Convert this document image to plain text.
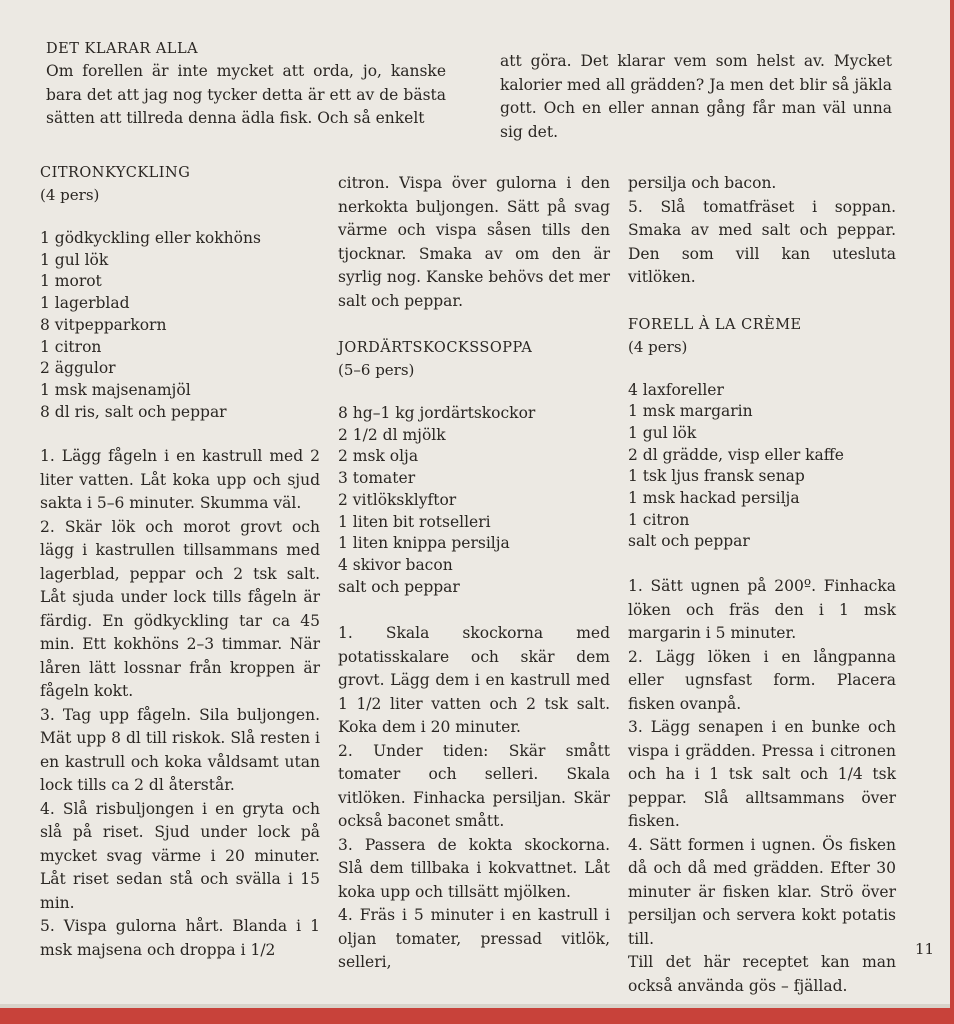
DET KLARAR ALLA

Om forellen är inte mycket att orda, jo, kanske bara det att jag nog tycker detta är ett av de bästa sätten att tillreda denna ädla fisk. Och så enkelt

att göra. Det klarar vem som helst av. Mycket kalorier med all grädden? Ja men det blir så jäkla gott. Och en eller annan gång får man väl unna sig det.

CITRONKYCKLING

(4 pers)

1 gödkyckling eller kokhöns
1 gul lök
1 morot
1 lagerblad
8 vitpepparkorn
1 citron
2 äggulor
1 msk majsenamjöl
8 dl ris, salt och peppar

1. Lägg fågeln i en kastrull med 2 liter vatten. Låt koka upp och sjud sakta i 5–6 minuter. Skumma väl.

2. Skär lök och morot grovt och lägg i kastrullen tillsammans med lagerblad, peppar och 2 tsk salt. Låt sjuda under lock tills fågeln är färdig. En gödkyckling tar ca 45 min. Ett kokhöns 2–3 timmar. När låren lätt lossnar från kroppen är fågeln kokt.

3. Tag upp fågeln. Sila buljongen. Mät upp 8 dl till riskok. Slå resten i en kastrull och koka våldsamt utan lock tills ca 2 dl återstår.

4. Slå risbuljongen i en gryta och slå på riset. Sjud under lock på mycket svag värme i 20 minuter. Låt riset sedan stå och svälla i 15 min.

5. Vispa gulorna hårt. Blanda i 1 msk majsena och droppa i 1/2

citron. Vispa över gulorna i den nerkokta buljongen. Sätt på svag värme och vispa såsen tills den tjocknar. Smaka av om den är syrlig nog. Kanske behövs det mer salt och peppar.

JORDÄRTSKOCKSSOPPA

(5–6 pers)

8 hg–1 kg jordärtskockor
2 1/2 dl mjölk
2 msk olja
3 tomater
2 vitlöksklyftor
1 liten bit rotselleri
1 liten knippa persilja
4 skivor bacon
salt och peppar

1. Skala skockorna med potatisskalare och skär dem grovt. Lägg dem i en kastrull med 1 1/2 liter vatten och 2 tsk salt. Koka dem i 20 minuter.

2. Under tiden: Skär smått tomater och selleri. Skala vitlöken. Finhacka persiljan. Skär också baconet smått.

3. Passera de kokta skockorna. Slå dem tillbaka i kokvattnet. Låt koka upp och tillsätt mjölken.

4. Fräs i 5 minuter i en kastrull i oljan tomater, pressad vitlök, selleri,

persilja och bacon.

5. Slå tomatfräset i soppan. Smaka av med salt och peppar. Den som vill kan utesluta vitlöken.

FORELL À LA CRÈME

(4 pers)

4 laxforeller
1 msk margarin
1 gul lök
2 dl grädde, visp eller kaffe
1 tsk ljus fransk senap
1 msk hackad persilja
1 citron
salt och peppar

1. Sätt ugnen på 200º. Finhacka löken och fräs den i 1 msk margarin i 5 minuter.

2. Lägg löken i en långpanna eller ugnsfast form. Placera fisken ovanpå.

3. Lägg senapen i en bunke och vispa i grädden. Pressa i citronen och ha i 1 tsk salt och 1/4 tsk peppar. Slå alltsammans över fisken.

4. Sätt formen i ugnen. Ös fisken då och då med grädden. Efter 30 minuter är fisken klar. Strö över persiljan och servera kokt potatis till.

Till det här receptet kan man också använda gös – fjällad.

11
